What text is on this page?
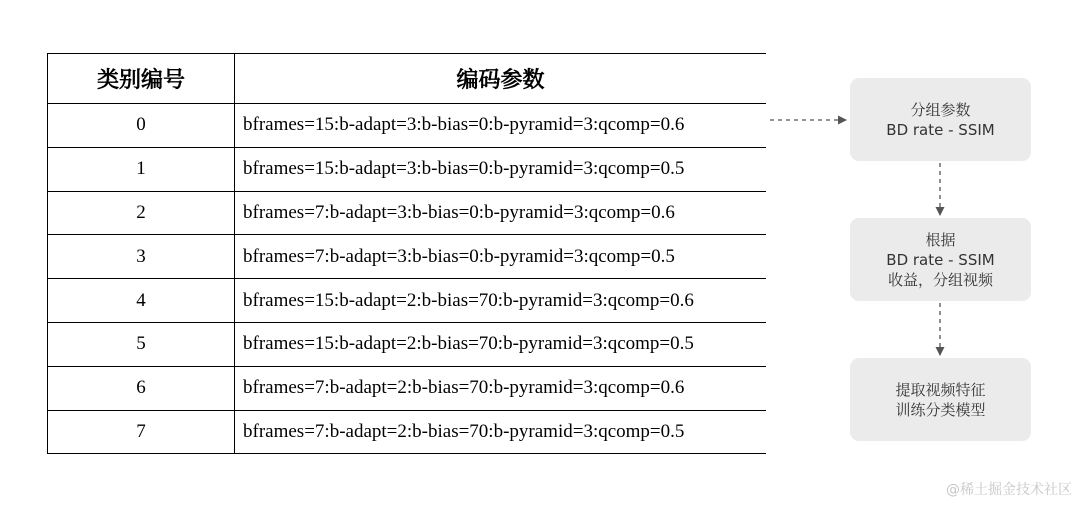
类别编号	编码参数
0	bframes=15:b-adapt=3:b-bias=0:b-pyramid=3:qcomp=0.6
1	bframes=15:b-adapt=3:b-bias=0:b-pyramid=3:qcomp=0.5
2	bframes=7:b-adapt=3:b-bias=0:b-pyramid=3:qcomp=0.6
3	bframes=7:b-adapt=3:b-bias=0:b-pyramid=3:qcomp=0.5
4	bframes=15:b-adapt=2:b-bias=70:b-pyramid=3:qcomp=0.6
5	bframes=15:b-adapt=2:b-bias=70:b-pyramid=3:qcomp=0.5
6	bframes=7:b-adapt=2:b-bias=70:b-pyramid=3:qcomp=0.6
7	bframes=7:b-adapt=2:b-bias=70:b-pyramid=3:qcomp=0.5
分组参数
BD rate - SSIM
根据
BD rate - SSIM
收益，分组视频
提取视频特征
训练分类模型
@稀土掘金技术社区
